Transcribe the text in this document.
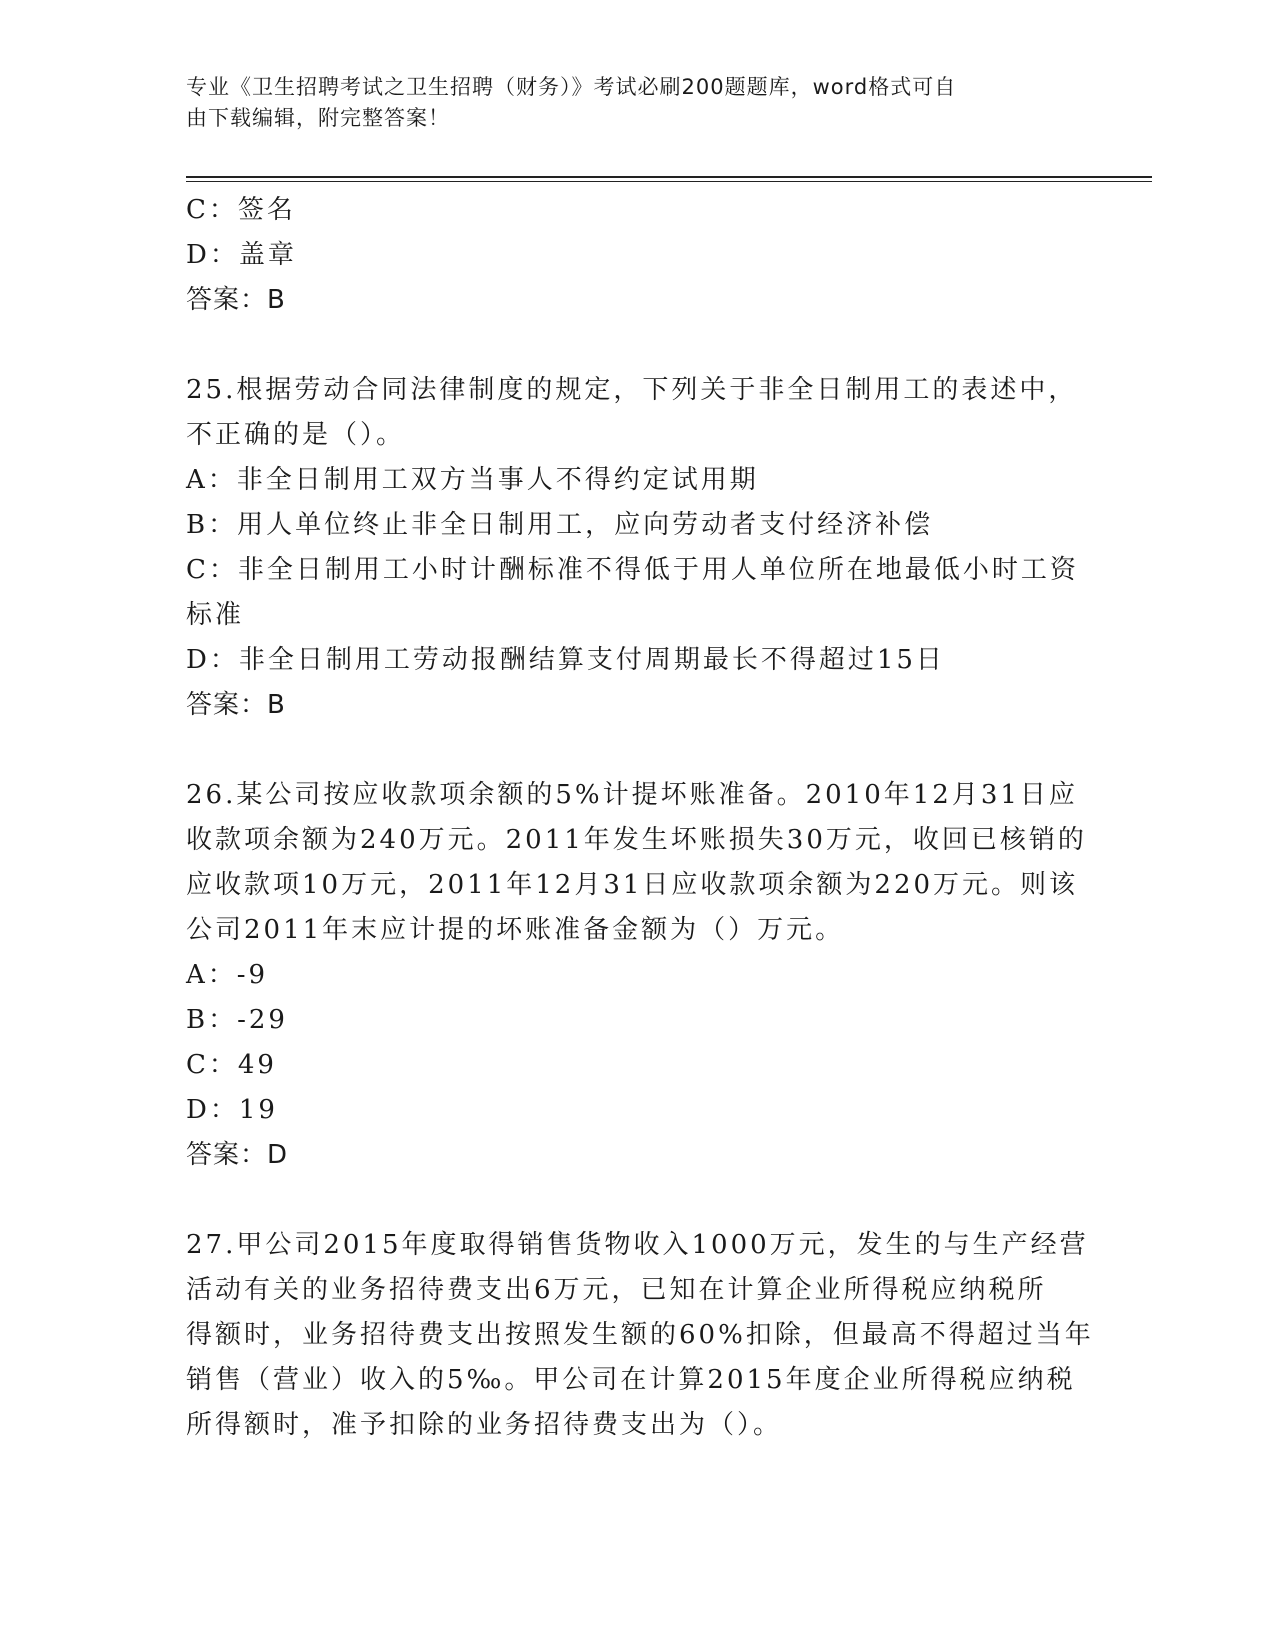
专业《卫生招聘考试之卫生招聘（财务）》考试必刷200题题库，word格式可自
由下载编辑，附完整答案！
C：签名
D：盖章
答案：B
25.根据劳动合同法律制度的规定，下列关于非全日制用工的表述中，
不正确的是（）。
A：非全日制用工双方当事人不得约定试用期
B：用人单位终止非全日制用工，应向劳动者支付经济补偿
C：非全日制用工小时计酬标准不得低于用人单位所在地最低小时工资
标准
D：非全日制用工劳动报酬结算支付周期最长不得超过15日
答案：B
26.某公司按应收款项余额的5%计提坏账准备。2010年12月31日应
收款项余额为240万元。2011年发生坏账损失30万元，收回已核销的
应收款项10万元，2011年12月31日应收款项余额为220万元。则该
公司2011年末应计提的坏账准备金额为（）万元。
A：-9
B：-29
C：49
D：19
答案：D
27.甲公司2015年度取得销售货物收入1000万元，发生的与生产经营
活动有关的业务招待费支出6万元，已知在计算企业所得税应纳税所
得额时，业务招待费支出按照发生额的60%扣除，但最高不得超过当年
销售（营业）收入的5‰。甲公司在计算2015年度企业所得税应纳税
所得额时，准予扣除的业务招待费支出为（）。
